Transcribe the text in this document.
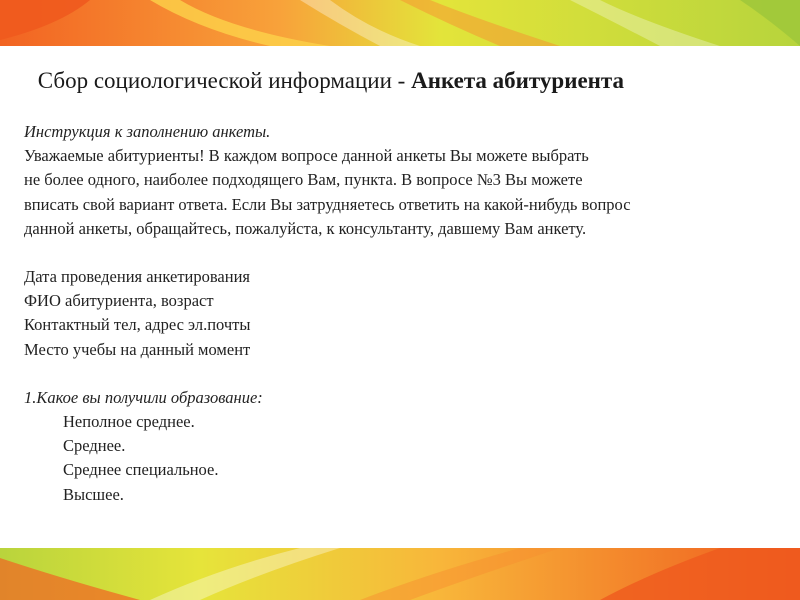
Сбор социологической информации - Анкета абитуриента

Инструкция к заполнению анкеты.

Уважаемые абитуриенты! В каждом вопросе данной анкеты Вы можете выбрать

не более одного, наиболее подходящего Вам, пункта. В вопросе №3 Вы можете

вписать свой вариант ответа. Если Вы затрудняетесь ответить на какой-нибудь вопрос

данной анкеты, обращайтесь, пожалуйста, к консультанту, давшему Вам анкету.

Дата проведения анкетирования

ФИО абитуриента, возраст

Контактный тел, адрес эл.почты

Место учебы на данный момент

1.Какое вы получили образование:

Неполное среднее.

Среднее.

Среднее специальное.

Высшее.
